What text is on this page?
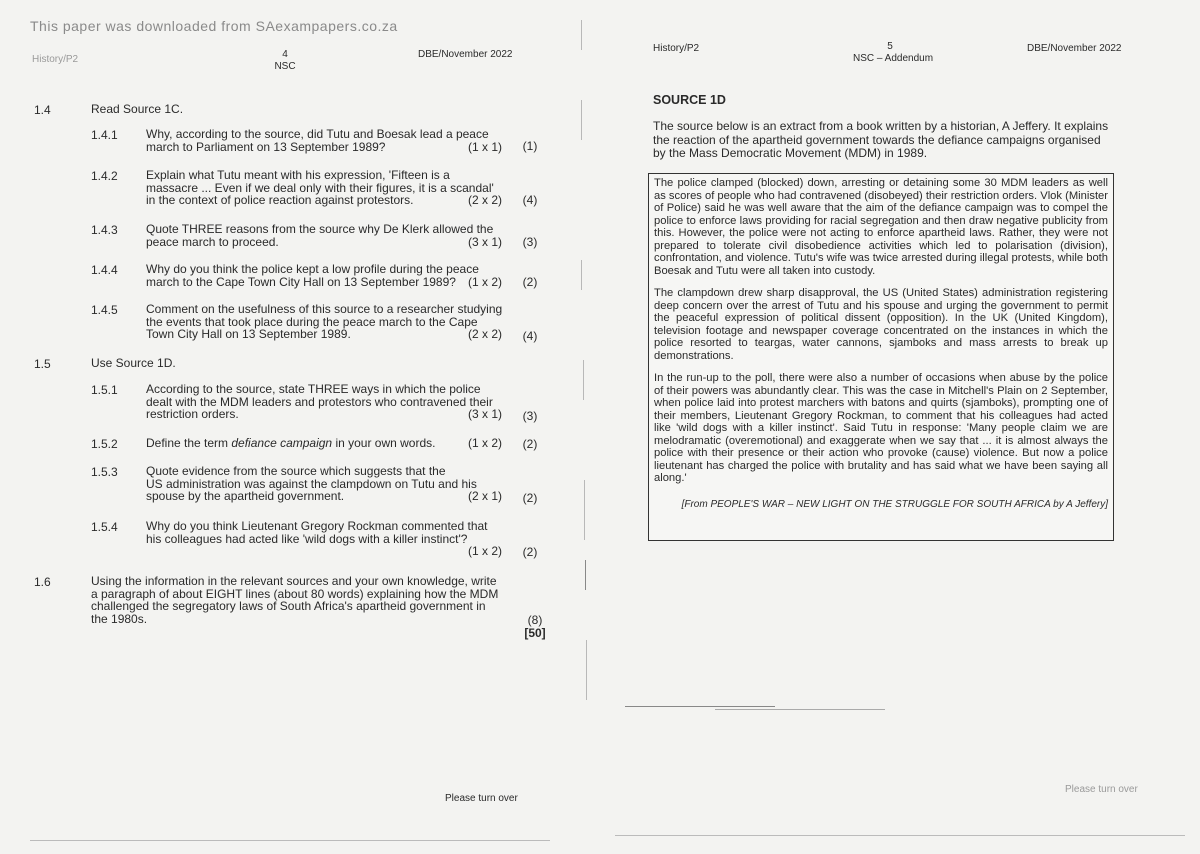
This paper was downloaded from SAexampapers.co.za
History/P2	4
NSC
DBE/November 2022
1.4	Read Source 1C.
1.4.1 Why, according to the source, did Tutu and Boesak lead a peace
march to Parliament on 13 September 1989?	(1 x 1)	(1)
1.4.2 Explain what Tutu meant with his expression, 'Fifteen is a
massacre ... Even if we deal only with their figures, it is a scandal'
in the context of police reaction against protestors.	(2 x 2)	(4)
1.4.3 Quote THREE reasons from the source why De Klerk allowed the
peace march to proceed.	(3 x 1)	(3)
1.4.4 Why do you think the police kept a low profile during the peace
march to the Cape Town City Hall on 13 September 1989? (1 x 2)	(2)
1.4.5 Comment on the usefulness of this source to a researcher studying
the events that took place during the peace march to the Cape
Town City Hall on 13 September 1989.	(2 x 2)	(4)
1.5	Use Source 1D.
1.5.1 According to the source, state THREE ways in which the police
dealt with the MDM leaders and protestors who contravened their
restriction orders.	(3 x 1)	(3)
1.5.2 Define the term defiance campaign in your own words.	(1 x 2)	(2)
1.5.3 Quote evidence from the source which suggests that the
US administration was against the clampdown on Tutu and his
spouse by the apartheid government.	(2 x 1)	(2)
1.5.4 Why do you think Lieutenant Gregory Rockman commented that
his colleagues had acted like 'wild dogs with a killer instinct'?
(1 x 2)	(2)
1.6	Using the information in the relevant sources and your own knowledge, write
a paragraph of about EIGHT lines (about 80 words) explaining how the MDM
challenged the segregatory laws of South Africa's apartheid government in
the 1980s.	(8)
[50]
Please turn over
History/P2	5
NSC – Addendum
DBE/November 2022
SOURCE 1D
The source below is an extract from a book written by a historian, A Jeffery. It explains
the reaction of the apartheid government towards the defiance campaigns organised
by the Mass Democratic Movement (MDM) in 1989.

The police clamped (blocked) down, arresting or detaining some 30 MDM leaders as well as scores of people who had contravened (disobeyed) their restriction orders. Vlok (Minister of Police) said he was well aware that the aim of the defiance campaign was to compel the police to enforce laws providing for racial segregation and then draw negative publicity from this. However, the police were not acting to enforce apartheid laws. Rather, they were not prepared to tolerate civil disobedience activities which led to polarisation (division), confrontation, and violence. Tutu's wife was twice arrested during illegal protests, while both Boesak and Tutu were all taken into custody.

The clampdown drew sharp disapproval, the US (United States) administration registering deep concern over the arrest of Tutu and his spouse and urging the government to permit the peaceful expression of political dissent (opposition). In the UK (United Kingdom), television footage and newspaper coverage concentrated on the instances in which the police resorted to teargas, water cannons, sjamboks and mass arrests to break up demonstrations.

In the run-up to the poll, there were also a number of occasions when abuse by the police of their powers was abundantly clear. This was the case in Mitchell's Plain on 2 September, when police laid into protest marchers with batons and quirts (sjamboks), prompting one of their members, Lieutenant Gregory Rockman, to comment that his colleagues had acted like 'wild dogs with a killer instinct'. Said Tutu in response: 'Many people claim we are melodramatic (overemotional) and exaggerate when we say that ... it is almost always the police with their presence or their action who provoke (cause) violence. But now a police lieutenant has charged the police with brutality and has said what we have been saying all along.'

[From PEOPLE'S WAR – NEW LIGHT ON THE STRUGGLE FOR SOUTH AFRICA by A Jeffery]
Please turn over
